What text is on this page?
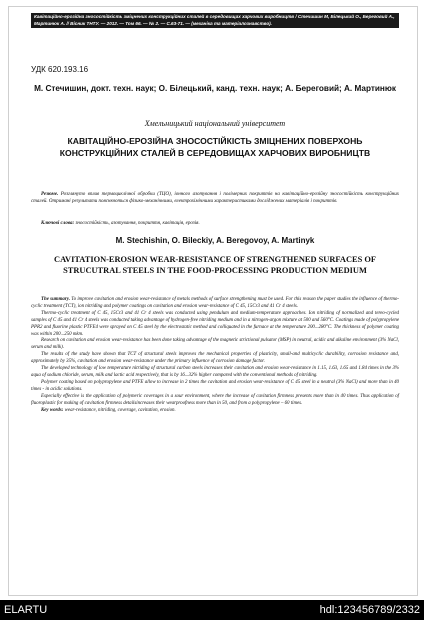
Кавітаційно-ерозійна зносостійкість зміцнених конструкційних сталей в середовищах харчових виробництв / Стечишин М, Білецький О., Береговий А., Мартинюк А. // Вісник ТНТУ. — 2012. — Том 66. — № 2. — С.63-71. — (механіка та матеріалознавство).
УДК 620.193.16
М. Стечишин, докт. техн. наук; О. Білецький, канд. техн. наук; А. Береговий; А. Мартинюк
Хмельницький національний університет
КАВІТАЦІЙНО-ЕРОЗІЙНА ЗНОСОСТІЙКІСТЬ ЗМІЦНЕНИХ ПОВЕРХОНЬ КОНСТРУКЦІЙНИХ СТАЛЕЙ В СЕРЕДОВИЩАХ ХАРЧОВИХ ВИРОБНИЦТВ
Резюме. Розглянуто вплив термоциклічної обробки (ТЦО), іонного азотування і полімерних покриттів на кавітаційно-ерозійну зносостійкість конструкційних сталей. Отримані результати пояснюються фізико-механічними, електрохімічними характеристиками досліджених матеріалів і покриттів.
Ключові слова: зносостійкість, азотування, покриття, кавітація, ерозія.
M. Stechishin, O. Bileckiy, A. Beregovoy, A. Martinyk
CAVITATION-EROSION WEAR-RESISTANCE OF STRENGTHENED SURFACES OF STRUCUTRAL STEELS IN THE FOOD-PROCESSING PRODUCTION MEDIUM

The summary. To improve cavitation and erosion wear-resistance of metals methods of surface strengthening must be used. For this reason the paper studies the influence of thermo-cyclic treatment (TCT), ion nitriding and polymer coatings on cavitation and erosion wear-resistance of C 45, 15Cr3 and 41 Cr 4 steels.

Thermo-cyclic treatment of C 45, 15Cr3 and 41 Cr 4 steels was conducted using pendulum and medium-temperature approaches. Ion nitriding of normalized and tereo-cycled samples of C 45 and 41 Cr 4 steels was conducted taking advantage of hydrogen-free nitriding medium and in a nitrogen-argon mixture at 500 and 560°C. Coatings made of polypropylene PPR2 and fluorine plastic PTFE4 were sprayed on C 45 steel by the electrostatic method and colliquated in the furnace at the temperature 200...280°C. The thickness of polymer coating was within 200...250 mkm.

Research on cavitation and erosion wear-resistance has been done taking advantage of the magnetic strictional pulsator (MSP) in neutral, acidic and alkaline environment (3% NaCl, serum and milk).

The results of the study have shown that TCT of structural steels improves the mechanical properties of plasticity, small-and multicyclic durability, corrosion resistance and, approximately by 35%, cavitation and erosion wear-resistance under the primary influence of corrosion damage factor.

The developed technology of low temperature nitriding of structural carbon steels increases their cavitation and erosion wear-resistance in 1.15, 1.63, 1.65 and 1.84 times in the 3% aqua of sodium chloride, serum, milk and lactic acid respectively, that is by 16...32% higher compared with the conventional methods of nitriding.

Polymer coating based on polypropylene and PTFE allow to increase in 2 times the cavitation and erosion wear-resistance of C 45 steel in a neutral (3% NaCl) and more than in 40 times - in acidic solutions.

Especially effective is the application of polymeric coverages in a sour environment, where the increase of cavitation firmness presents more than in 40 times. Thus application of fluoroplastic for making of cavitation firmness detailsincreases their wearproofness more than in 50, and from a polypropylene – 60 times.

Key words: wear-resistance, nitriding, coverage, cavitation, erosion.

ELARTU	hdl:123456789/2332
